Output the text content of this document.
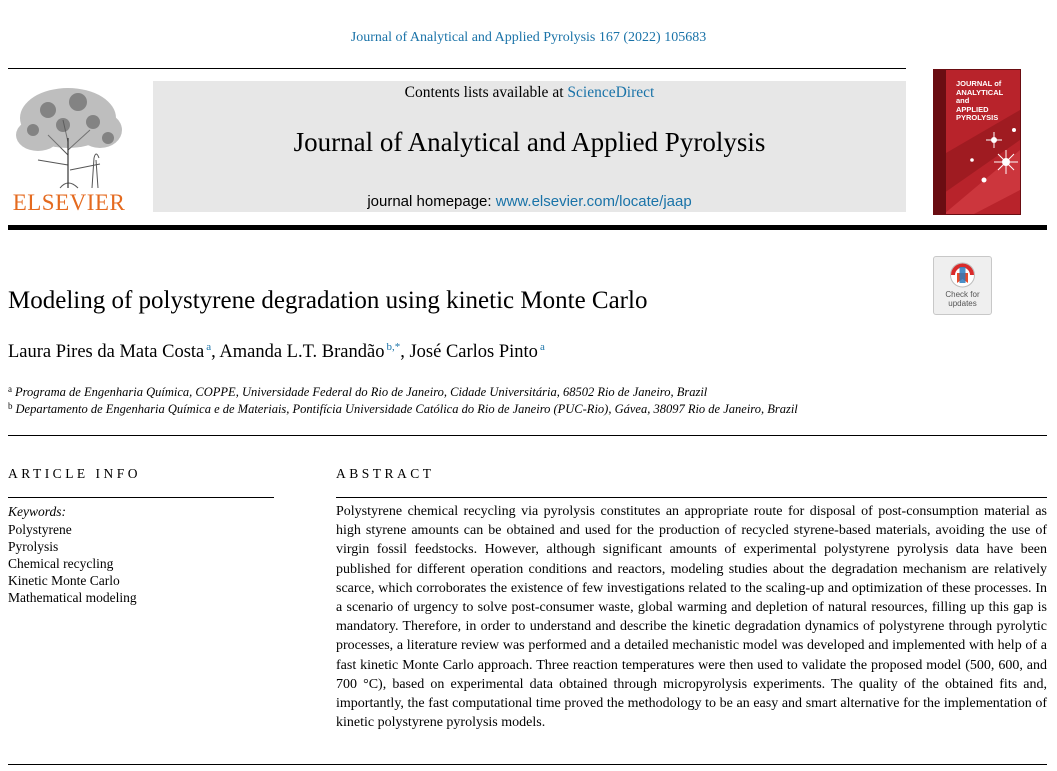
Journal of Analytical and Applied Pyrolysis 167 (2022) 105683
ELSEVIER
Contents lists available at ScienceDirect
Journal of Analytical and Applied Pyrolysis
journal homepage: www.elsevier.com/locate/jaap
JOURNAL of
ANALYTICAL and
APPLIED PYROLYSIS
Check for
updates
Modeling of polystyrene degradation using kinetic Monte Carlo
Laura Pires da Mata Costa $^a$, Amanda L.T. Brandão $^{b,*}$, José Carlos Pinto $^a$
$^a$ Programa de Engenharia Química, COPPE, Universidade Federal do Rio de Janeiro, Cidade Universitária, 68502 Rio de Janeiro, Brazil
$^b$ Departamento de Engenharia Química e de Materiais, Pontifícia Universidade Católica do Rio de Janeiro (PUC-Rio), Gávea, 38097 Rio de Janeiro, Brazil
ARTICLE INFO
Keywords:
Polystyrene
Pyrolysis
Chemical recycling
Kinetic Monte Carlo
Mathematical modeling
ABSTRACT
Polystyrene chemical recycling via pyrolysis constitutes an appropriate route for disposal of post-consumption material as high styrene amounts can be obtained and used for the production of recycled styrene-based materials, avoiding the use of virgin fossil feedstocks. However, although significant amounts of experimental polystyrene pyrolysis data have been published for different operation conditions and reactors, modeling studies about the degradation mechanism are relatively scarce, which corroborates the existence of few investigations related to the scaling-up and optimization of these processes. In a scenario of urgency to solve post-consumer waste, global warming and depletion of natural resources, filling up this gap is mandatory. Therefore, in order to understand and describe the kinetic degradation dynamics of polystyrene through pyrolytic processes, a literature review was performed and a detailed mechanistic model was developed and implemented with help of a fast kinetic Monte Carlo approach. Three reaction temperatures were then used to validate the proposed model (500, 600, and 700 °C), based on experimental data obtained through micropyrolysis experiments. The quality of the obtained fits and, importantly, the fast computational time proved the methodology to be an easy and smart alternative for the implementation of kinetic polystyrene pyrolysis models.
